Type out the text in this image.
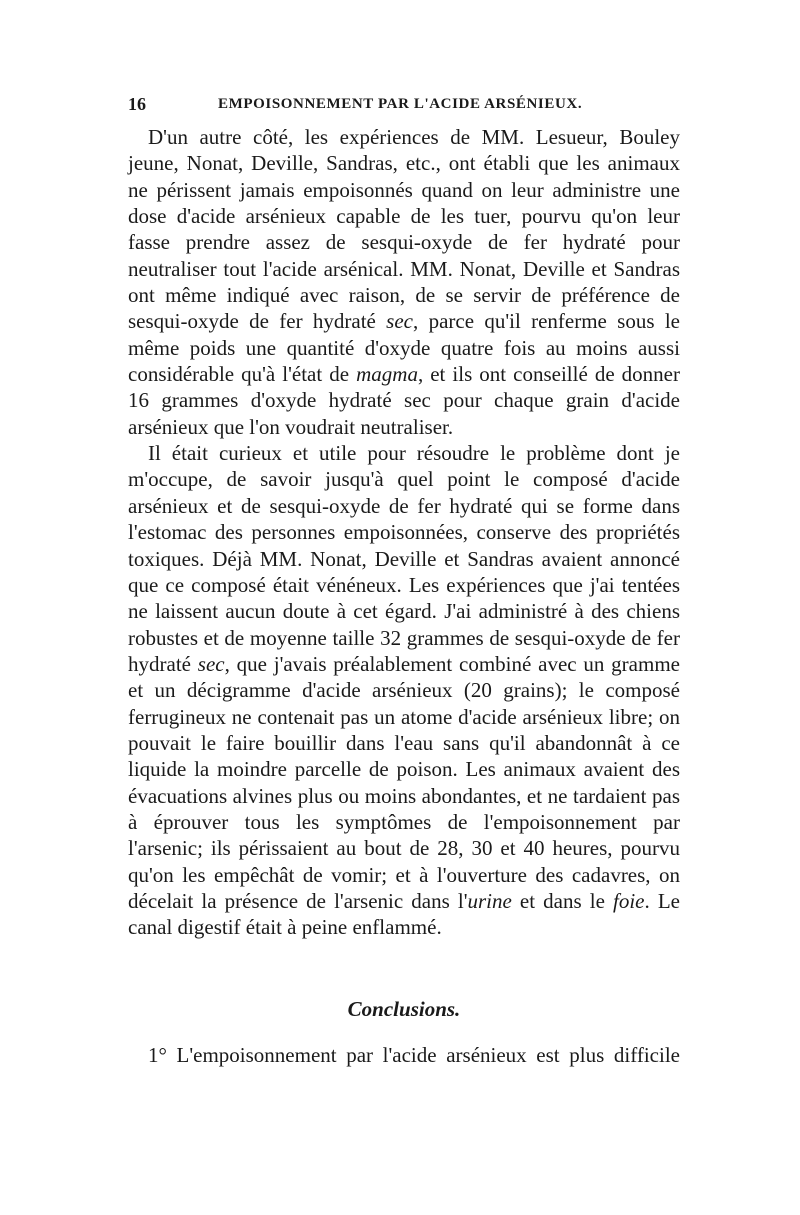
16	EMPOISONNEMENT PAR L'ACIDE ARSÉNIEUX.

D'un autre côté, les expériences de MM. Lesueur, Bouley jeune, Nonat, Deville, Sandras, etc., ont établi que les animaux ne périssent jamais empoisonnés quand on leur administre une dose d'acide arsénieux capable de les tuer, pourvu qu'on leur fasse prendre assez de sesqui-oxyde de fer hydraté pour neutraliser tout l'acide arsénical. MM. Nonat, Deville et Sandras ont même indiqué avec raison, de se servir de préférence de sesqui-oxyde de fer hydraté sec, parce qu'il renferme sous le même poids une quantité d'oxyde quatre fois au moins aussi considérable qu'à l'état de magma, et ils ont conseillé de donner 16 grammes d'oxyde hydraté sec pour chaque grain d'acide arsénieux que l'on voudrait neutraliser.

Il était curieux et utile pour résoudre le problème dont je m'occupe, de savoir jusqu'à quel point le composé d'acide arsénieux et de sesqui-oxyde de fer hydraté qui se forme dans l'estomac des personnes empoisonnées, conserve des propriétés toxiques. Déjà MM. Nonat, Deville et Sandras avaient annoncé que ce composé était vénéneux. Les expériences que j'ai tentées ne laissent aucun doute à cet égard. J'ai administré à des chiens robustes et de moyenne taille 32 grammes de sesqui-oxyde de fer hydraté sec, que j'avais préalablement combiné avec un gramme et un décigramme d'acide arsénieux (20 grains); le composé ferrugineux ne contenait pas un atome d'acide arsénieux libre; on pouvait le faire bouillir dans l'eau sans qu'il abandonnât à ce liquide la moindre parcelle de poison. Les animaux avaient des évacuations alvines plus ou moins abondantes, et ne tardaient pas à éprouver tous les symptômes de l'empoisonnement par l'arsenic; ils périssaient au bout de 28, 30 et 40 heures, pourvu qu'on les empêchât de vomir; et à l'ouverture des cadavres, on décelait la présence de l'arsenic dans l'urine et dans le foie. Le canal digestif était à peine enflammé.

Conclusions.
1° L'empoisonnement par l'acide arsénieux est plus difficile
